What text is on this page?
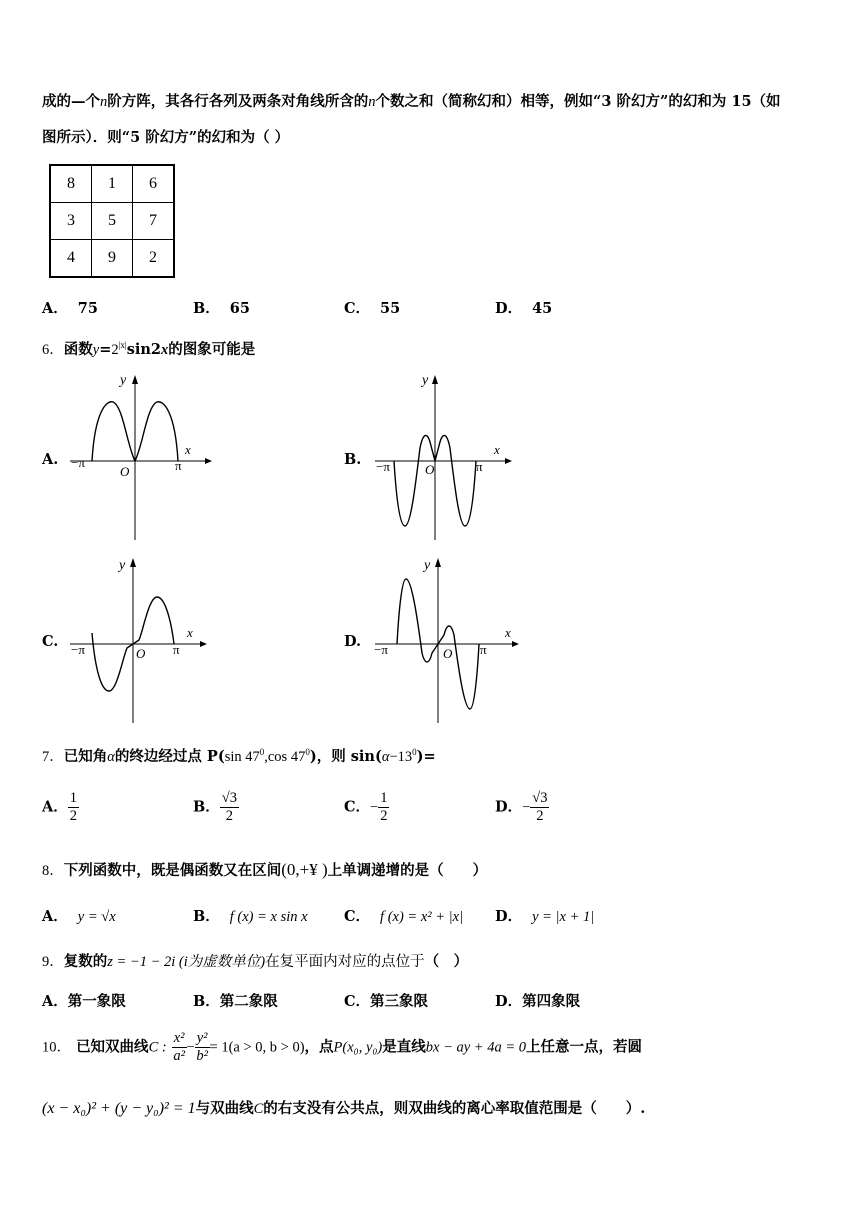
成的—个n阶方阵，其各行各列及两条对角线所含的n个数之和（简称幻和）相等，例如“3 阶幻方”的幻和为 15（如
图所示）．则“5 阶幻方”的幻和为（ ）
8	1	6
3	5	7
4	9	2
A． 75	B． 65	C． 55	D． 45
6．函数$y=2^{|x|}\sin 2x$的图象可能是
A.
y
x
−π
O	π	B.
y
x
−π	O	π
C.
y
x
−π	O π	D.
y
x
−π	O π
7．已知角α的终边经过点 P(sin $47^0,\cos$ $47^0$)，则 $\sin(\alpha-13^0)=$
A． $\frac{1}{2}$	B． $\frac{√3}{2}$	C．− $\frac{1}{2}$	D．− $\frac{√3}{2}$
8．下列函数中，既是偶函数又在区间(0,+¥ )上单调递增的是（　　）
A． y = √x	B． f (x) = x sin x	C． f (x) = x² + |x| D． y = |x + 1|
9．复数的z = −1 − 2i (i为虚数单位)在复平面内对应的点位于（　）
A．第一象限	B．第二象限	C．第三象限	D．第四象限
10． 已知双曲线C : $\frac{\text{x²}}{\text{a²}} - \frac{\text{y²}}{\text{b²}} = 1(a > 0$, b > 0)，点P(x₀, y₀)是直线bx − ay + 4a = 0上任意一点，若圆
(x − x₀)² + (y − y₀)² = 1与双曲线C的右支没有公共点，则双曲线的离心率取值范围是（　　）.
